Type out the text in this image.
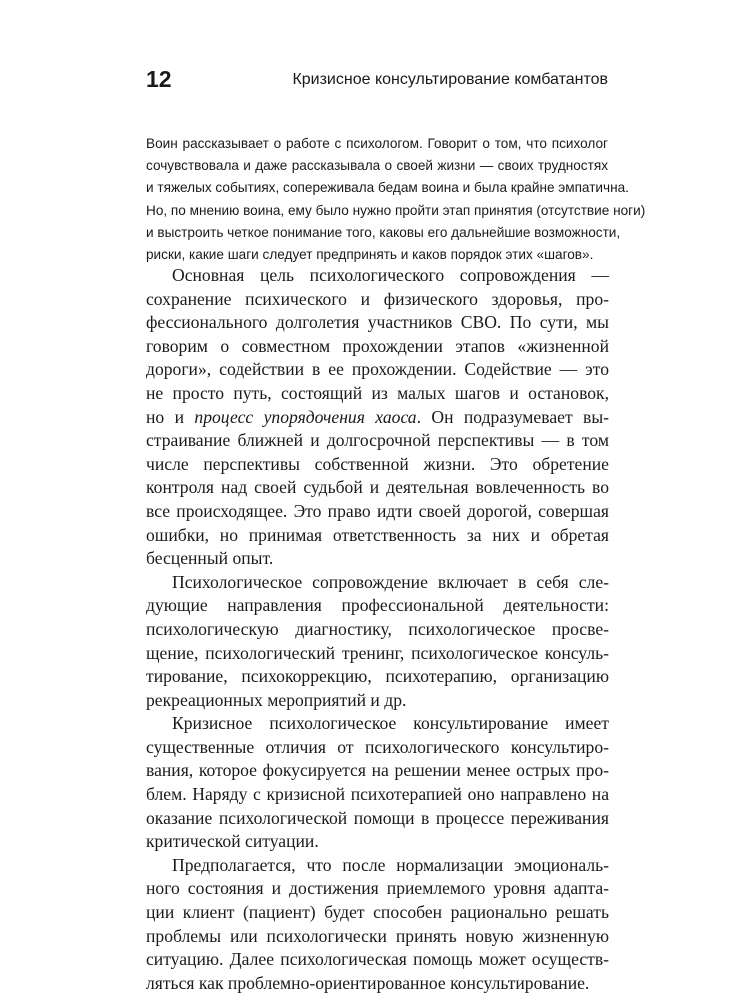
12	Кризисное консультирование комбатантов
Воин рассказывает о работе с психологом. Говорит о том, что психолог
сочувствовала и даже рассказывала о своей жизни — своих трудностях
и тяжелых событиях, сопереживала бедам воина и была крайне эмпатична.
Но, по мнению воина, ему было нужно пройти этап принятия (отсутствие ноги)
и выстроить четкое понимание того, каковы его дальнейшие возможности,
риски, какие шаги следует предпринять и каков порядок этих «шагов».
Основная цель психологического сопровождения —
сохранение психического и физического здоровья, про-
фессионального долголетия участников СВО. По сути, мы
говорим о совместном прохождении этапов «жизненной
дороги», содействии в ее прохождении. Содействие — это
не просто путь, состоящий из малых шагов и остановок,
но и процесс упорядочения хаоса. Он подразумевает вы-
страивание ближней и долгосрочной перспективы — в том
числе перспективы собственной жизни. Это обретение
контроля над своей судьбой и деятельная вовлеченность во
все происходящее. Это право идти своей дорогой, совершая
ошибки, но принимая ответственность за них и обретая
бесценный опыт.
Психологическое сопровождение включает в себя сле-
дующие направления профессиональной деятельности:
психологическую диагностику, психологическое просве-
щение, психологический тренинг, психологическое консуль-
тирование, психокоррекцию, психотерапию, организацию
рекреационных мероприятий и др.
Кризисное психологическое консультирование имеет
существенные отличия от психологического консультиро-
вания, которое фокусируется на решении менее острых про-
блем. Наряду с кризисной психотерапией оно направлено на
оказание психологической помощи в процессе переживания
критической ситуации.
Предполагается, что после нормализации эмоциональ-
ного состояния и достижения приемлемого уровня адапта-
ции клиент (пациент) будет способен рационально решать
проблемы или психологически принять новую жизненную
ситуацию. Далее психологическая помощь может осуществ-
ляться как проблемно-ориентированное консультирование.
